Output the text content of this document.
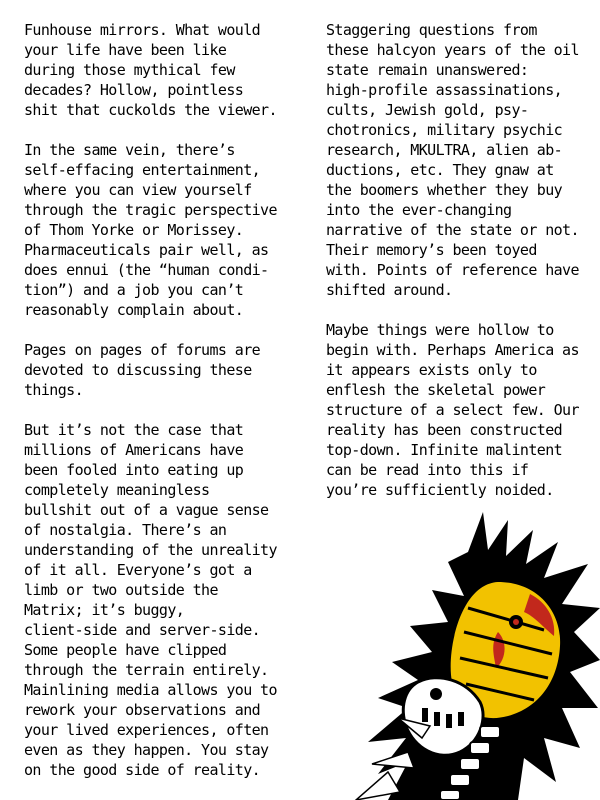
Funhouse mirrors. What would
your life have been like
during those mythical few
decades? Hollow, pointless
shit that cuckolds the viewer.

In the same vein, there’s
self-effacing entertainment,
where you can view yourself
through the tragic perspective
of Thom Yorke or Morissey.
Pharmaceuticals pair well, as
does ennui (the “human condi-
tion”) and a job you can’t
reasonably complain about.

Pages on pages of forums are
devoted to discussing these
things.

But it’s not the case that
millions of Americans have
been fooled into eating up
completely meaningless
bullshit out of a vague sense
of nostalgia. There’s an
understanding of the unreality
of it all. Everyone’s got a
limb or two outside the
Matrix; it’s buggy,
client-side and server-side.
Some people have clipped
through the terrain entirely.
Mainlining media allows you to
rework your observations and
your lived experiences, often
even as they happen. You stay
on the good side of reality.

Staggering questions from
these halcyon years of the oil
state remain unanswered:
high-profile assassinations,
cults, Jewish gold, psy-
chotronics, military psychic
research, MKULTRA, alien ab-
ductions, etc. They gnaw at
the boomers whether they buy
into the ever-changing
narrative of the state or not.
Their memory’s been toyed
with. Points of reference have
shifted around.

Maybe things were hollow to
begin with. Perhaps America as
it appears exists only to
enflesh the skeletal power
structure of a select few. Our
reality has been constructed
top-down. Infinite malintent
can be read into this if
you’re sufficiently noided.
